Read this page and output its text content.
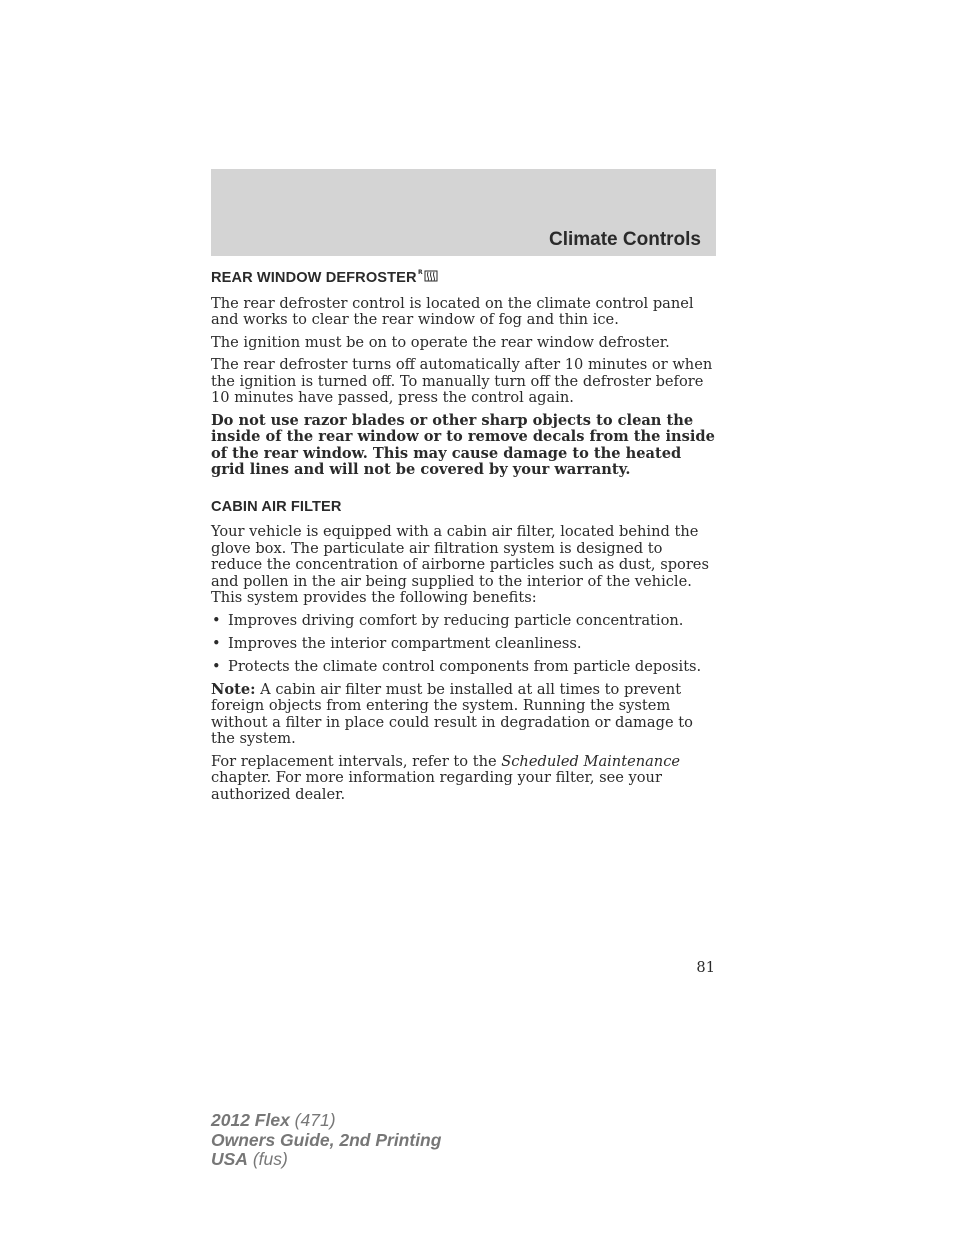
Climate Controls
REAR WINDOW DEFROSTER R

The rear defroster control is located on the climate control panel and works to clear the rear window of fog and thin ice.

The ignition must be on to operate the rear window defroster.

The rear defroster turns off automatically after 10 minutes or when the ignition is turned off. To manually turn off the defroster before 10 minutes have passed, press the control again.

Do not use razor blades or other sharp objects to clean the inside of the rear window or to remove decals from the inside of the rear window. This may cause damage to the heated grid lines and will not be covered by your warranty.

CABIN AIR FILTER

Your vehicle is equipped with a cabin air filter, located behind the glove box. The particulate air filtration system is designed to reduce the concentration of airborne particles such as dust, spores and pollen in the air being supplied to the interior of the vehicle. This system provides the following benefits:

• Improves driving comfort by reducing particle concentration.
• Improves the interior compartment cleanliness.
• Protects the climate control components from particle deposits.

Note: A cabin air filter must be installed at all times to prevent foreign objects from entering the system. Running the system without a filter in place could result in degradation or damage to the system.

For replacement intervals, refer to the Scheduled Maintenance chapter. For more information regarding your filter, see your authorized dealer.

81
2012 Flex (471)
Owners Guide, 2nd Printing
USA (fus)
